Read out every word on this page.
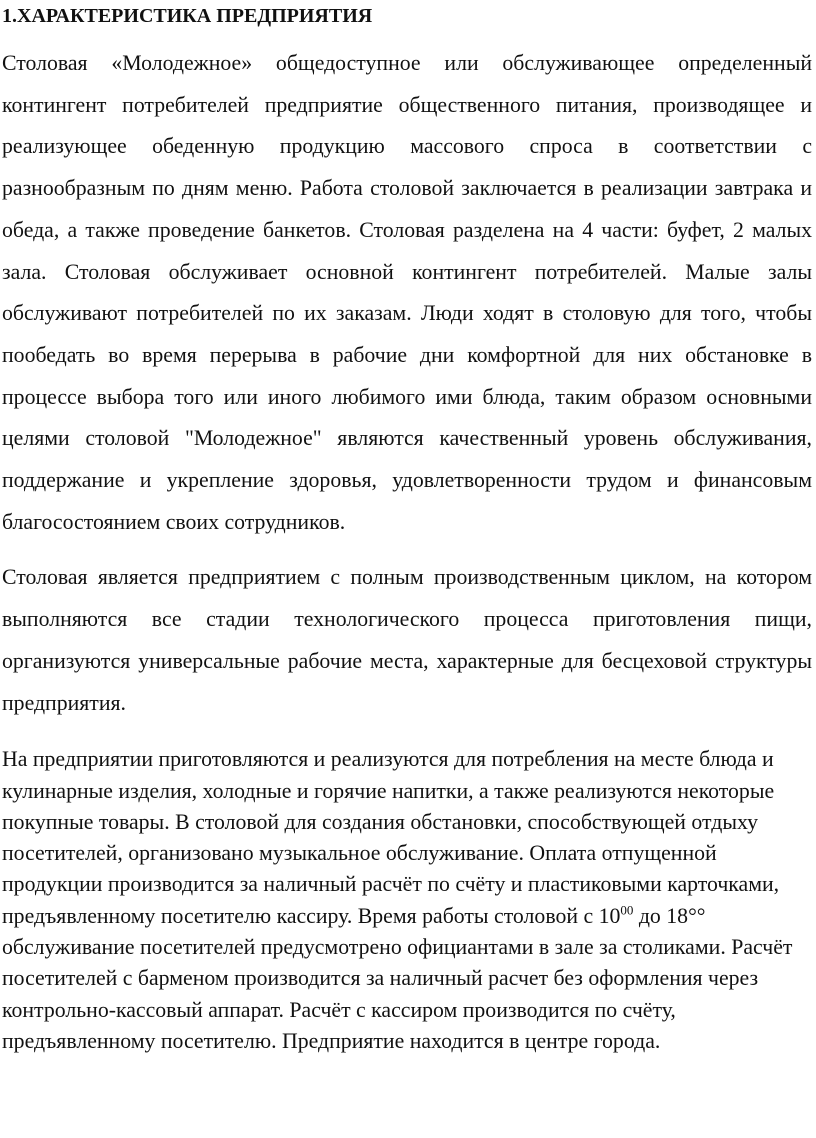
1.ХАРАКТЕРИСТИКА ПРЕДПРИЯТИЯ

Столовая «Молодежное» общедоступное или обслуживающее определенный контингент потребителей предприятие общественного питания, производящее и реализующее обеденную продукцию массового спроса в соответствии с разнообразным по дням меню. Работа столовой заключается в реализации завтрака и обеда, а также проведение банкетов. Столовая разделена на 4 части: буфет, 2 малых зала. Столовая обслуживает основной контингент потребителей. Малые залы обслуживают потребителей по их заказам. Люди ходят в столовую для того, чтобы пообедать во время перерыва в рабочие дни комфортной для них обстановке в процессе выбора того или иного любимого ими блюда, таким образом основными целями столовой "Молодежное" являются качественный уровень обслуживания, поддержание и укрепление здоровья, удовлетворенности трудом и финансовым благосостоянием своих сотрудников.

Столовая является предприятием с полным производственным циклом, на котором выполняются все стадии технологического процесса приготовления пищи, организуются универсальные рабочие места, характерные для бесцеховой структуры предприятия.

На предприятии приготовляются и реализуются для потребления на месте блюда и кулинарные изделия, холодные и горячие напитки, а также реализуются некоторые покупные товары. В столовой для создания обстановки, способствующей отдыху посетителей, организовано музыкальное обслуживание. Оплата отпущенной продукции производится за наличный расчёт по счёту и пластиковыми карточками, предъявленному посетителю кассиру. Время работы столовой с $10^{00}$ до 18°° обслуживание посетителей предусмотрено официантами в зале за столиками. Расчёт посетителей с барменом производится за наличный расчет без оформления через контрольно-кассовый аппарат. Расчёт с кассиром производится по счёту, предъявленному посетителю. Предприятие находится в центре города.
